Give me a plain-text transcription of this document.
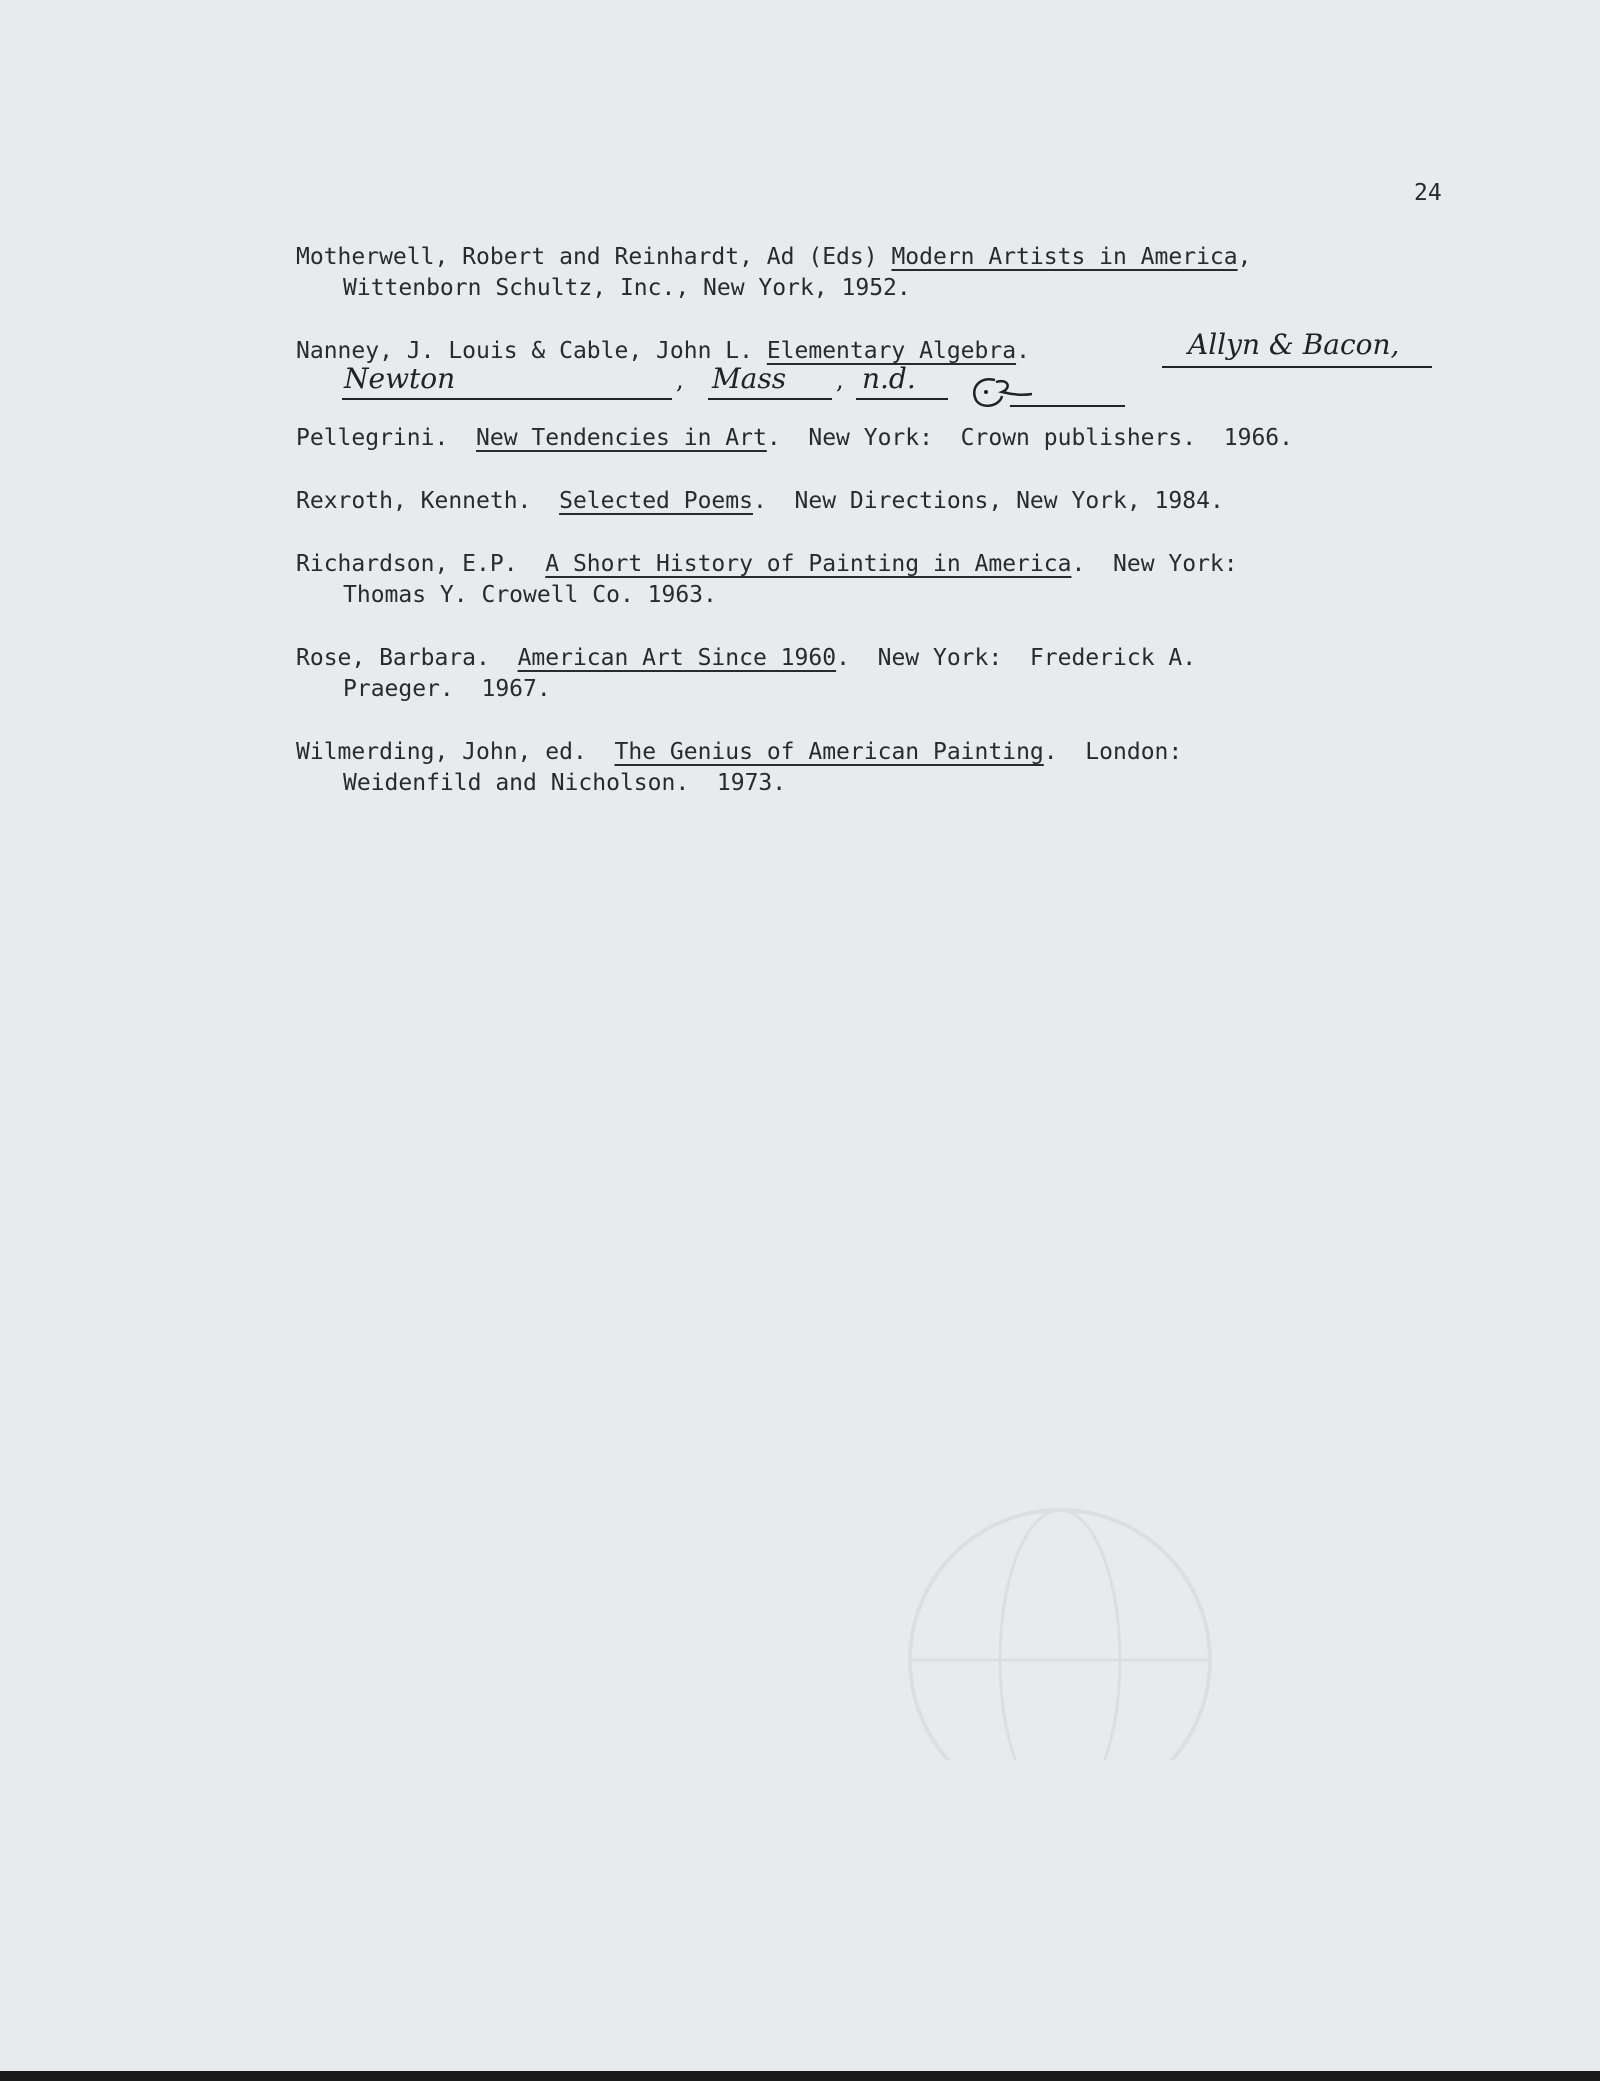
24
Motherwell, Robert and Reinhardt, Ad (Eds) Modern Artists in America,
Wittenborn Schultz, Inc., New York, 1952.
Nanney, J. Louis & Cable, John L. Elementary Algebra.
Pellegrini.  New Tendencies in Art.  New York:  Crown publishers.  1966.
Rexroth, Kenneth.  Selected Poems.  New Directions, New York, 1984.
Richardson, E.P.  A Short History of Painting in America.  New York:
Thomas Y. Crowell Co. 1963.
Rose, Barbara.  American Art Since 1960.  New York:  Frederick A.
Praeger.  1967.
Wilmerding, John, ed.  The Genius of American Painting.  London:
Weidenfild and Nicholson.  1973.
Allyn & Bacon,
Newton	, Mass , n.d.
